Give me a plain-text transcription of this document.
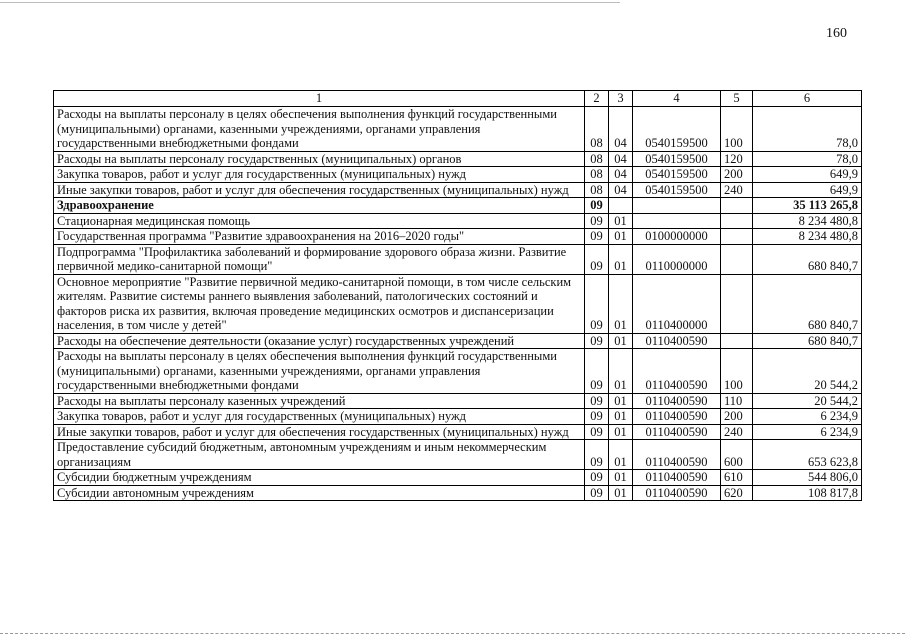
160
1	2	3	4	5	6
Расходы на выплаты персоналу в целях обеспечения выполнения функций государственными (муниципальными) органами, казенными учреждениями, органами управления государственными внебюджетными фондами	08	04	0540159500	100	78,0
Расходы на выплаты персоналу государственных (муниципальных) органов	08	04	0540159500	120	78,0
Закупка товаров, работ и услуг для государственных (муниципальных) нужд	08	04	0540159500	200	649,9
Иные закупки товаров, работ и услуг для обеспечения государственных (муниципальных) нужд	08	04	0540159500	240	649,9
Здравоохранение	09				35 113 265,8
Стационарная медицинская помощь	09	01			8 234 480,8
Государственная программа "Развитие здравоохранения на 2016–2020 годы"	09	01	0100000000		8 234 480,8
Подпрограмма "Профилактика заболеваний и формирование здорового образа жизни. Развитие первичной медико-санитарной помощи"	09	01	0110000000		680 840,7
Основное мероприятие "Развитие первичной медико-санитарной помощи, в том числе сельским жителям. Развитие системы раннего выявления заболеваний, патологических состояний и факторов риска их развития, включая проведение медицинских осмотров и диспансеризации населения, в том числе у детей"	09	01	0110400000		680 840,7
Расходы на обеспечение деятельности (оказание услуг) государственных учреждений	09	01	0110400590		680 840,7
Расходы на выплаты персоналу в целях обеспечения выполнения функций государственными (муниципальными) органами, казенными учреждениями, органами управления государственными внебюджетными фондами	09	01	0110400590	100	20 544,2
Расходы на выплаты персоналу казенных учреждений	09	01	0110400590	110	20 544,2
Закупка товаров, работ и услуг для государственных (муниципальных) нужд	09	01	0110400590	200	6 234,9
Иные закупки товаров, работ и услуг для обеспечения государственных (муниципальных) нужд	09	01	0110400590	240	6 234,9
Предоставление субсидий бюджетным, автономным учреждениям и иным некоммерческим организациям	09	01	0110400590	600	653 623,8
Субсидии бюджетным учреждениям	09	01	0110400590	610	544 806,0
Субсидии автономным учреждениям	09	01	0110400590	620	108 817,8
